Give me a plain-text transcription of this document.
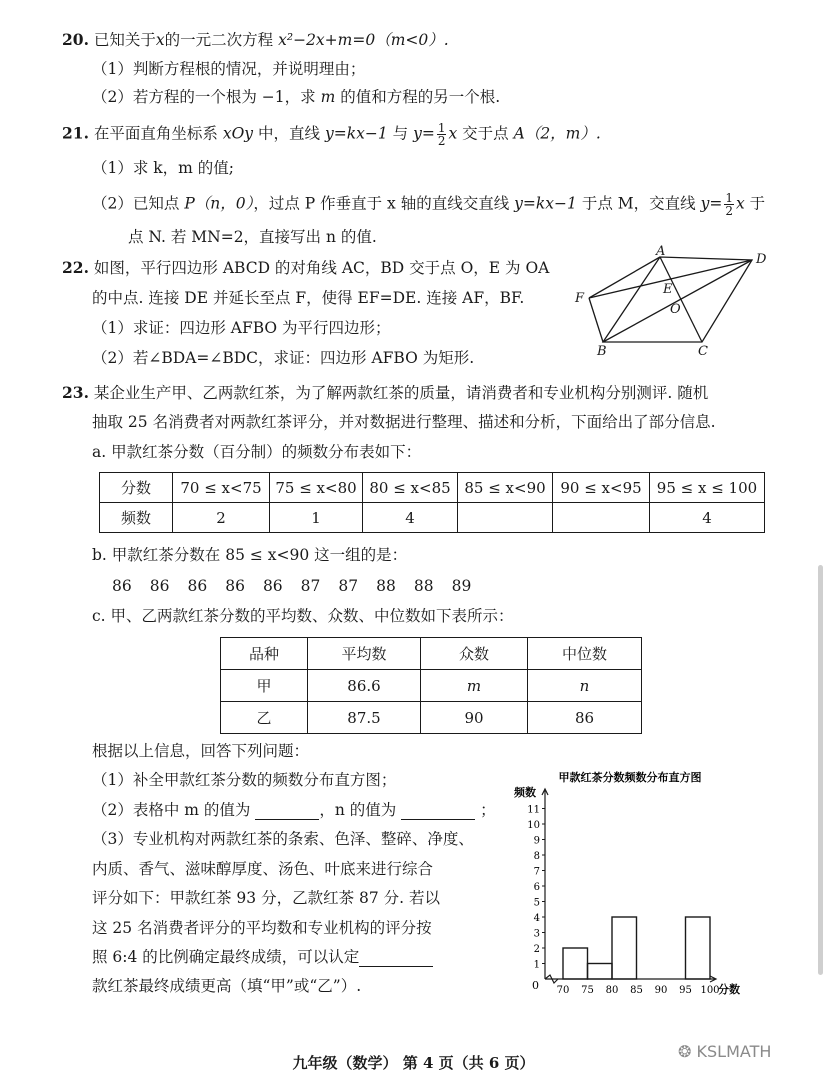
20. 已知关于x的一元二次方程 x²−2x+m=0（m<0）.
（1）判断方程根的情况，并说明理由；
（2）若方程的一个根为 −1，求 m 的值和方程的另一个根.
21. 在平面直角坐标系 xOy 中，直线 y=kx−1 与 $y= \frac{1}{2}$ x 交于点 A（2，m）.
（1）求 k，m 的值;
（2）已知点 P（n，0），过点 P 作垂直于 x 轴的直线交直线 y=kx−1 于点 M，交直线 $y= \frac{1}{2}$ x 于
点 N. 若 MN=2，直接写出 n 的值.
22. 如图，平行四边形 ABCD 的对角线 AC，BD 交于点 O，E 为 OA
的中点. 连接 DE 并延长至点 F，使得 EF=DE. 连接 AF，BF.
（1）求证：四边形 AFBO 为平行四边形；
（2）若∠BDA=∠BDC，求证：四边形 AFBO 为矩形.
A
D
F
E
O
B	C
23. 某企业生产甲、乙两款红茶，为了解两款红茶的质量，请消费者和专业机构分别测评. 随机
抽取 25 名消费者对两款红茶评分，并对数据进行整理、描述和分析，下面给出了部分信息.
a. 甲款红茶分数（百分制）的频数分布表如下：
分数	70 ≤ x<75	75 ≤ x<80	80 ≤ x<85	85 ≤ x<90	90 ≤ x<95	95 ≤ x ≤ 100
频数	2	1	4			4
b. 甲款红茶分数在 85 ≤ x<90 这一组的是：
86 86 86 86 86 87 87 88 88 89
c. 甲、乙两款红茶分数的平均数、众数、中位数如下表所示：
品种	平均数	众数	中位数
甲	86.6	m	n
乙	87.5	90	86
根据以上信息，回答下列问题：
（1）补全甲款红茶分数的频数分布直方图；
（2）表格中 m 的值为	，n 的值为	；
（3）专业机构对两款红茶的条索、色泽、整碎、净度、
内质、香气、滋味醇厚度、汤色、叶底来进行综合
评分如下：甲款红茶 93 分，乙款红茶 87 分. 若以
这 25 名消费者评分的平均数和专业机构的评分按
照 6:4 的比例确定最终成绩，可以认定
款红茶最终成绩更高（填“甲”或“乙”）.
甲款红茶分数频数分布直方图
频数
分数
0
1
2
3
4
5
6
7
8
9
10
11
70 75 80 85 90 95 100
九年级（数学） 第 4 页（共 6 页）
❂ KSLMATH
